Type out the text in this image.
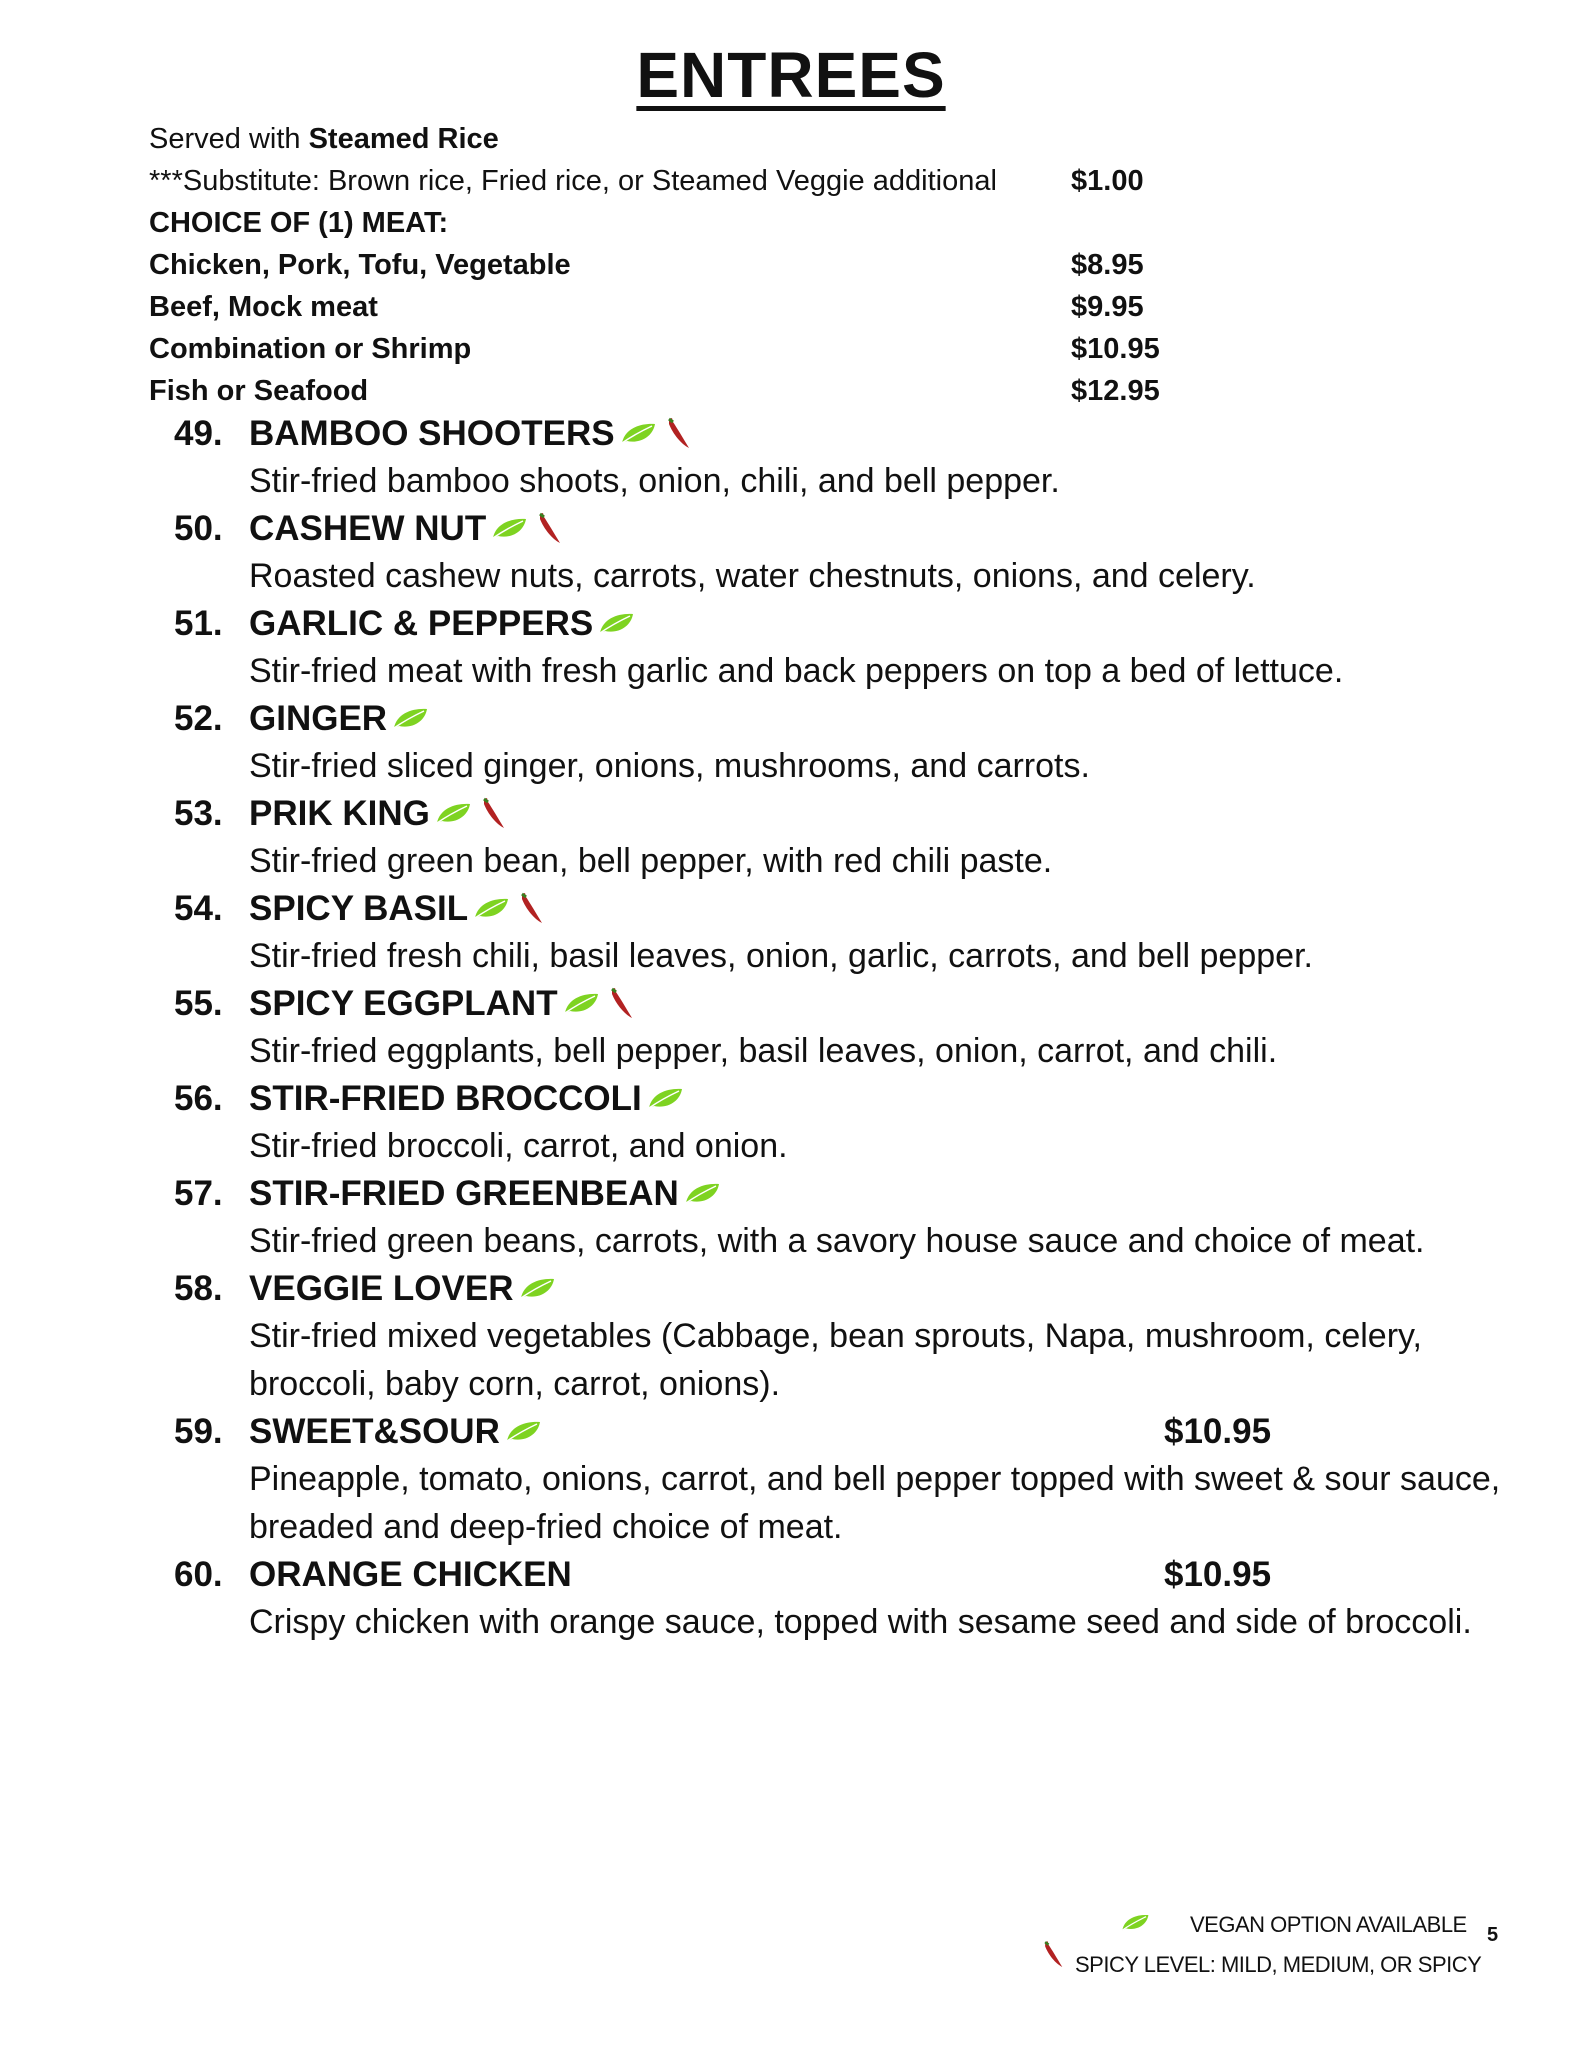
ENTREES
Served with Steamed Rice
***Substitute: Brown rice, Fried rice, or Steamed Veggie additional	$1.00
CHOICE OF (1) MEAT:
Chicken, Pork, Tofu, Vegetable	$8.95
Beef, Mock meat	$9.95
Combination or Shrimp	$10.95
Fish or Seafood	$12.95
49. BAMBOO SHOOTERS
Stir-fried bamboo shoots, onion, chili, and bell pepper.
50. CASHEW NUT
Roasted cashew nuts, carrots, water chestnuts, onions, and celery.
51. GARLIC & PEPPERS
Stir-fried meat with fresh garlic and back peppers on top a bed of lettuce.
52. GINGER
Stir-fried sliced ginger, onions, mushrooms, and carrots.
53. PRIK KING
Stir-fried green bean, bell pepper, with red chili paste.
54. SPICY BASIL
Stir-fried fresh chili, basil leaves, onion, garlic, carrots, and bell pepper.
55. SPICY EGGPLANT
Stir-fried eggplants, bell pepper, basil leaves, onion, carrot, and chili.
56. STIR-FRIED BROCCOLI
Stir-fried broccoli, carrot, and onion.
57. STIR-FRIED GREENBEAN
Stir-fried green beans, carrots, with a savory house sauce and choice of meat.
58. VEGGIE LOVER
Stir-fried mixed vegetables (Cabbage, bean sprouts, Napa, mushroom, celery, broccoli, baby corn, carrot, onions).
59. SWEET&SOUR	$10.95
Pineapple, tomato, onions, carrot, and bell pepper topped with sweet & sour sauce, breaded and deep-fried choice of meat.
60. ORANGE CHICKEN	$10.95
Crispy chicken with orange sauce, topped with sesame seed and side of broccoli.
VEGAN OPTION AVAILABLE
SPICY LEVEL: MILD, MEDIUM, OR SPICY
5
